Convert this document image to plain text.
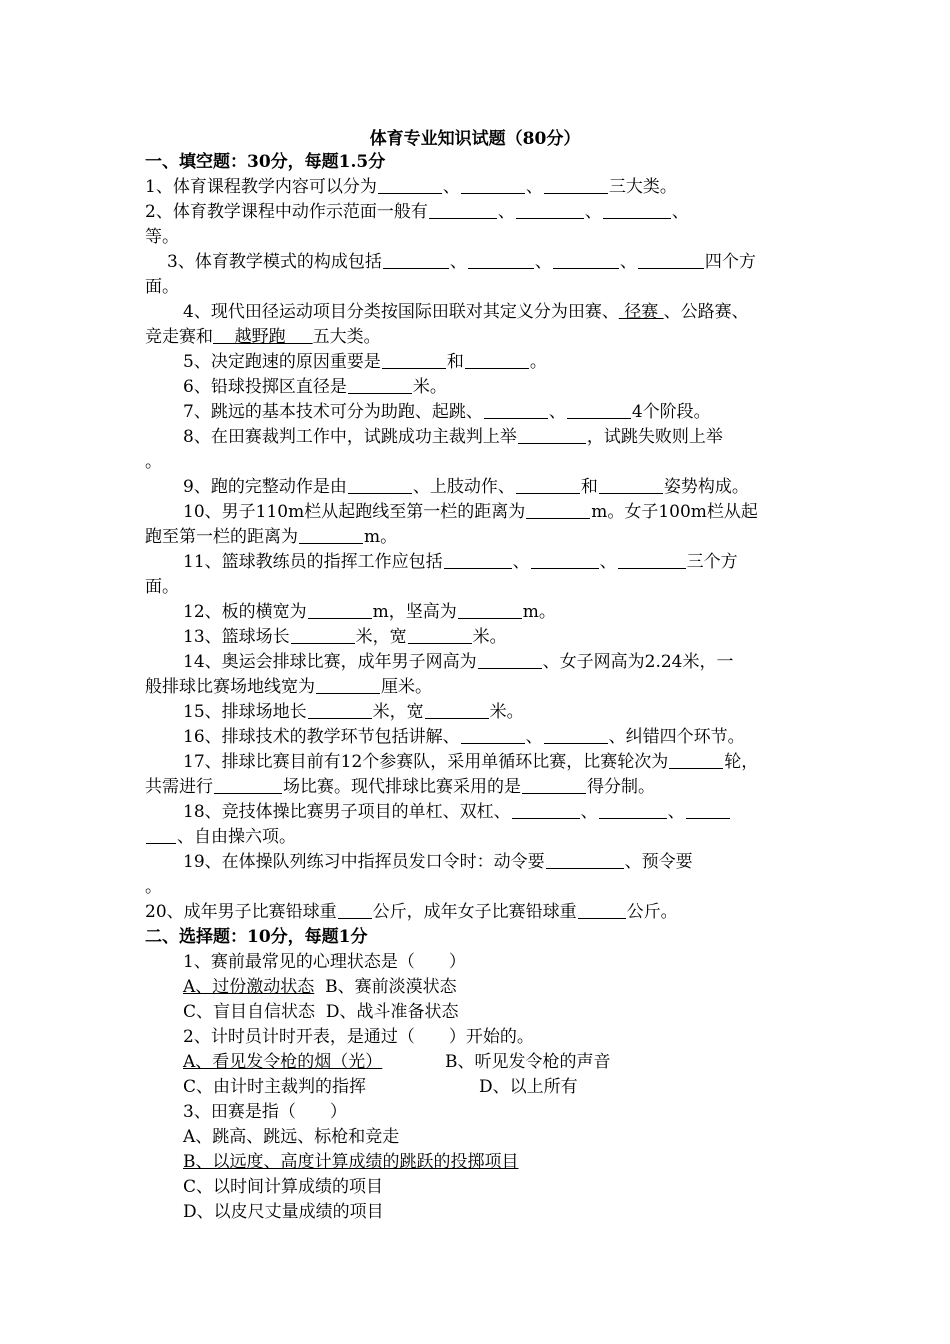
体育专业知识试题（80分）
一、填空题：30分，每题1.5分
1、体育课程教学内容可以分为	、	、	三大类。
2、体育教学课程中动作示范面一般有	、	、	、
等。
3、体育教学模式的构成包括	、	、	、	四个方
面。
4、现代田径运动项目分类按国际田联对其定义分为田赛、 径赛 、公路赛、
竞走赛和    越野跑     五大类。
5、决定跑速的原因重要是	和	。
6、铅球投掷区直径是	米。
7、跳远的基本技术可分为助跑、起跳、	、	4个阶段。
8、在田赛裁判工作中，试跳成功主裁判上举	，试跳失败则上举
。
9、跑的完整动作是由	、上肢动作、	和	姿势构成。
10、男子110m栏从起跑线至第一栏的距离为	m。女子100m栏从起
跑至第一栏的距离为	m。
11、篮球教练员的指挥工作应包括	、	、	三个方
面。
12、板的横宽为	m，坚高为	m。
13、篮球场长	米，宽	米。
14、奥运会排球比赛，成年男子网高为	、女子网高为2.24米，一
般排球比赛场地线宽为	厘米。
15、排球场地长	米，宽	米。
16、排球技术的教学环节包括讲解、	、	、纠错四个环节。
17、排球比赛目前有12个参赛队，采用单循环比赛，比赛轮次为	轮，
共需进行	场比赛。现代排球比赛采用的是	得分制。
18、竞技体操比赛男子项目的单杠、双杠、	、	、
、自由操六项。
19、在体操队列练习中指挥员发口令时：动令要	、预令要
。
20、成年男子比赛铅球重 公斤，成年女子比赛铅球重	公斤。
二、选择题：10分，每题1分
1、赛前最常见的心理状态是（　　）
A、过份激动状态 B、赛前淡漠状态
C、盲目自信状态 D、战斗准备状态
2、计时员计时开表，是通过（　　）开始的。
A、看见发令枪的烟（光）	B、听见发令枪的声音
C、由计时主裁判的指挥	D、以上所有
3、田赛是指（　　）
A、跳高、跳远、标枪和竞走
B、以远度、高度计算成绩的跳跃的投掷项目
C、以时间计算成绩的项目
D、以皮尺丈量成绩的项目
